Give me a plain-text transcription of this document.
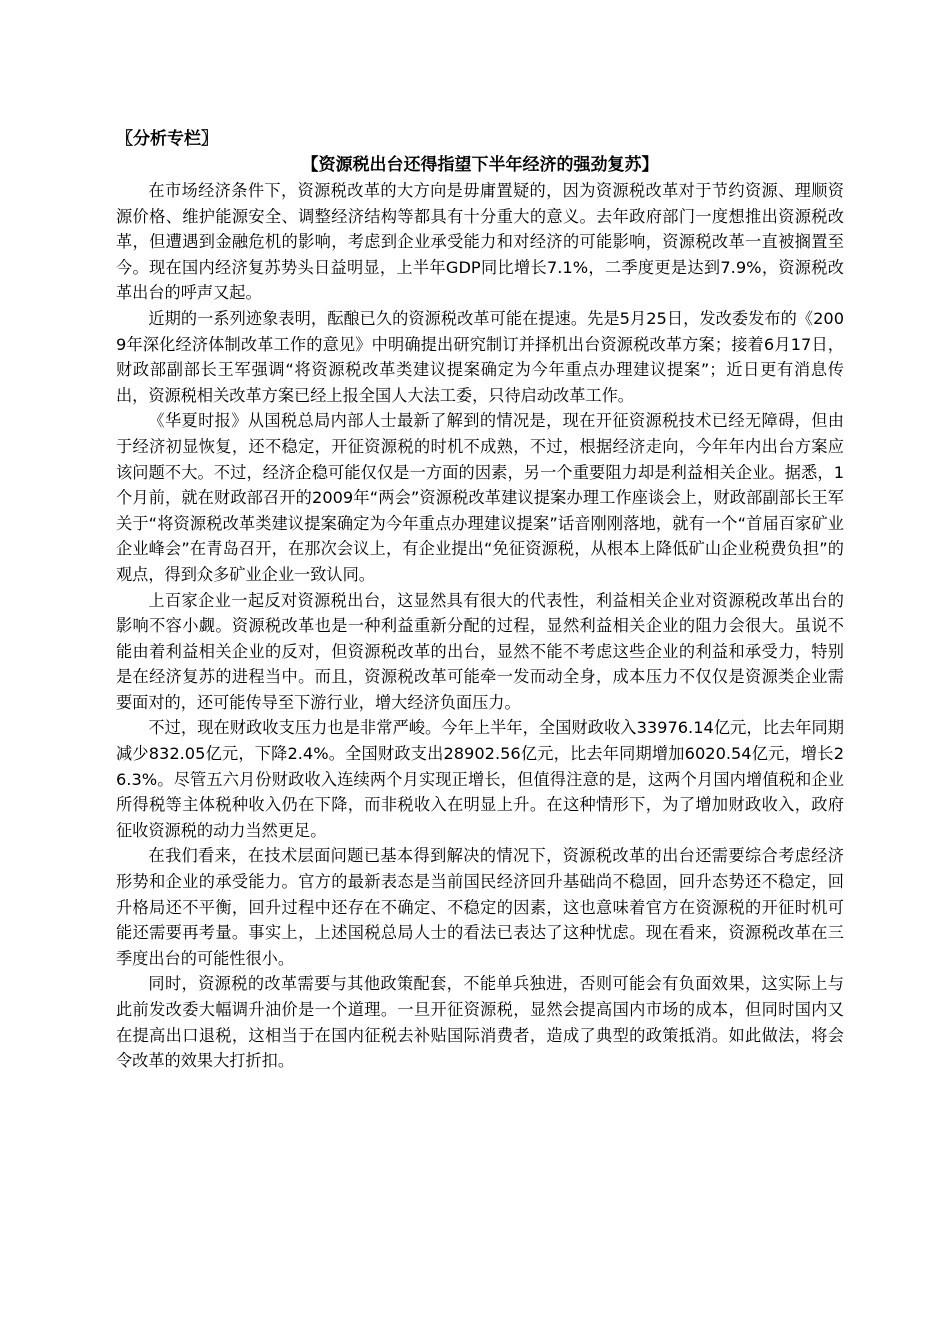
〖分析专栏〗
【资源税出台还得指望下半年经济的强劲复苏】

在市场经济条件下，资源税改革的大方向是毋庸置疑的，因为资源税改革对于节约资源、理顺资源价格、维护能源安全、调整经济结构等都具有十分重大的意义。去年政府部门一度想推出资源税改革，但遭遇到金融危机的影响，考虑到企业承受能力和对经济的可能影响，资源税改革一直被搁置至今。现在国内经济复苏势头日益明显，上半年GDP同比增长7.1%，二季度更是达到7.9%，资源税改革出台的呼声又起。

近期的一系列迹象表明，酝酿已久的资源税改革可能在提速。先是5月25日，发改委发布的《2009年深化经济体制改革工作的意见》中明确提出研究制订并择机出台资源税改革方案；接着6月17日，财政部副部长王军强调“将资源税改革类建议提案确定为今年重点办理建议提案”；近日更有消息传出，资源税相关改革方案已经上报全国人大法工委，只待启动改革工作。

《华夏时报》从国税总局内部人士最新了解到的情况是，现在开征资源税技术已经无障碍，但由于经济初显恢复，还不稳定，开征资源税的时机不成熟，不过，根据经济走向，今年年内出台方案应该问题不大。不过，经济企稳可能仅仅是一方面的因素，另一个重要阻力却是利益相关企业。据悉，1个月前，就在财政部召开的2009年“两会”资源税改革建议提案办理工作座谈会上，财政部副部长王军关于“将资源税改革类建议提案确定为今年重点办理建议提案”话音刚刚落地，就有一个“首届百家矿业企业峰会”在青岛召开，在那次会议上，有企业提出“免征资源税，从根本上降低矿山企业税费负担”的观点，得到众多矿业企业一致认同。

上百家企业一起反对资源税出台，这显然具有很大的代表性，利益相关企业对资源税改革出台的影响不容小觑。资源税改革也是一种利益重新分配的过程，显然利益相关企业的阻力会很大。虽说不能由着利益相关企业的反对，但资源税改革的出台，显然不能不考虑这些企业的利益和承受力，特别是在经济复苏的进程当中。而且，资源税改革可能牵一发而动全身，成本压力不仅仅是资源类企业需要面对的，还可能传导至下游行业，增大经济负面压力。

不过，现在财政收支压力也是非常严峻。今年上半年，全国财政收入33976.14亿元，比去年同期减少832.05亿元，下降2.4%。全国财政支出28902.56亿元，比去年同期增加6020.54亿元，增长26.3%。尽管五六月份财政收入连续两个月实现正增长，但值得注意的是，这两个月国内增值税和企业所得税等主体税种收入仍在下降，而非税收入在明显上升。在这种情形下，为了增加财政收入，政府征收资源税的动力当然更足。

在我们看来，在技术层面问题已基本得到解决的情况下，资源税改革的出台还需要综合考虑经济形势和企业的承受能力。官方的最新表态是当前国民经济回升基础尚不稳固，回升态势还不稳定，回升格局还不平衡，回升过程中还存在不确定、不稳定的因素，这也意味着官方在资源税的开征时机可能还需要再考量。事实上，上述国税总局人士的看法已表达了这种忧虑。现在看来，资源税改革在三季度出台的可能性很小。

同时，资源税的改革需要与其他政策配套，不能单兵独进，否则可能会有负面效果，这实际上与此前发改委大幅调升油价是一个道理。一旦开征资源税，显然会提高国内市场的成本，但同时国内又在提高出口退税，这相当于在国内征税去补贴国际消费者，造成了典型的政策抵消。如此做法，将会令改革的效果大打折扣。
